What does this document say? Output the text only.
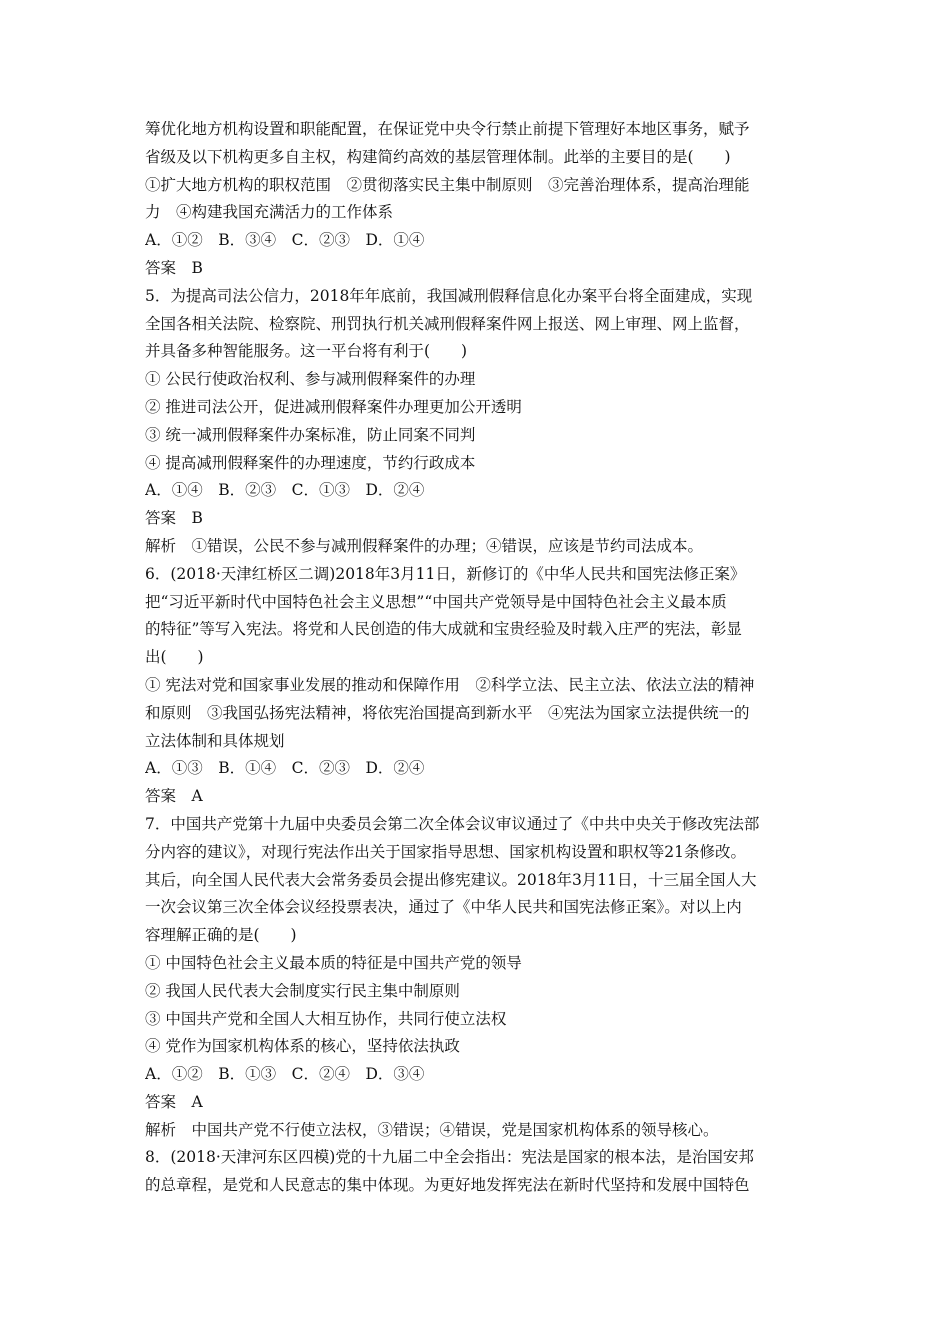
筹优化地方机构设置和职能配置，在保证党中央令行禁止前提下管理好本地区事务，赋予
省级及以下机构更多自主权，构建简约高效的基层管理体制。此举的主要目的是(　　)
①扩大地方机构的职权范围　②贯彻落实民主集中制原则　③完善治理体系，提高治理能
力　④构建我国充满活力的工作体系
A．①②　B．③④　C．②③　D．①④
答案　B
5．为提高司法公信力，2018年年底前，我国减刑假释信息化办案平台将全面建成，实现
全国各相关法院、检察院、刑罚执行机关减刑假释案件网上报送、网上审理、网上监督，
并具备多种智能服务。这一平台将有利于(　　)
① 公民行使政治权利、参与减刑假释案件的办理
② 推进司法公开，促进减刑假释案件办理更加公开透明
③ 统一减刑假释案件办案标准，防止同案不同判
④ 提高减刑假释案件的办理速度，节约行政成本
A．①④　B．②③　C．①③　D．②④
答案　B
解析　①错误，公民不参与减刑假释案件的办理；④错误，应该是节约司法成本。
6．(2018·天津红桥区二调)2018年3月11日，新修订的《中华人民共和国宪法修正案》
把“习近平新时代中国特色社会主义思想”“中国共产党领导是中国特色社会主义最本质
的特征”等写入宪法。将党和人民创造的伟大成就和宝贵经验及时载入庄严的宪法，彰显
出(　　)
① 宪法对党和国家事业发展的推动和保障作用　②科学立法、民主立法、依法立法的精神
和原则　③我国弘扬宪法精神，将依宪治国提高到新水平　④宪法为国家立法提供统一的
立法体制和具体规划
A．①③　B．①④　C．②③　D．②④
答案　A
7．中国共产党第十九届中央委员会第二次全体会议审议通过了《中共中央关于修改宪法部
分内容的建议》，对现行宪法作出关于国家指导思想、国家机构设置和职权等21条修改。
其后，向全国人民代表大会常务委员会提出修宪建议。2018年3月11日，十三届全国人大
一次会议第三次全体会议经投票表决，通过了《中华人民共和国宪法修正案》。对以上内
容理解正确的是(　　)
① 中国特色社会主义最本质的特征是中国共产党的领导
② 我国人民代表大会制度实行民主集中制原则
③ 中国共产党和全国人大相互协作，共同行使立法权
④ 党作为国家机构体系的核心，坚持依法执政
A．①②　B．①③　C．②④　D．③④
答案　A
解析　中国共产党不行使立法权，③错误；④错误，党是国家机构体系的领导核心。
8．(2018·天津河东区四模)党的十九届二中全会指出：宪法是国家的根本法，是治国安邦
的总章程，是党和人民意志的集中体现。为更好地发挥宪法在新时代坚持和发展中国特色
